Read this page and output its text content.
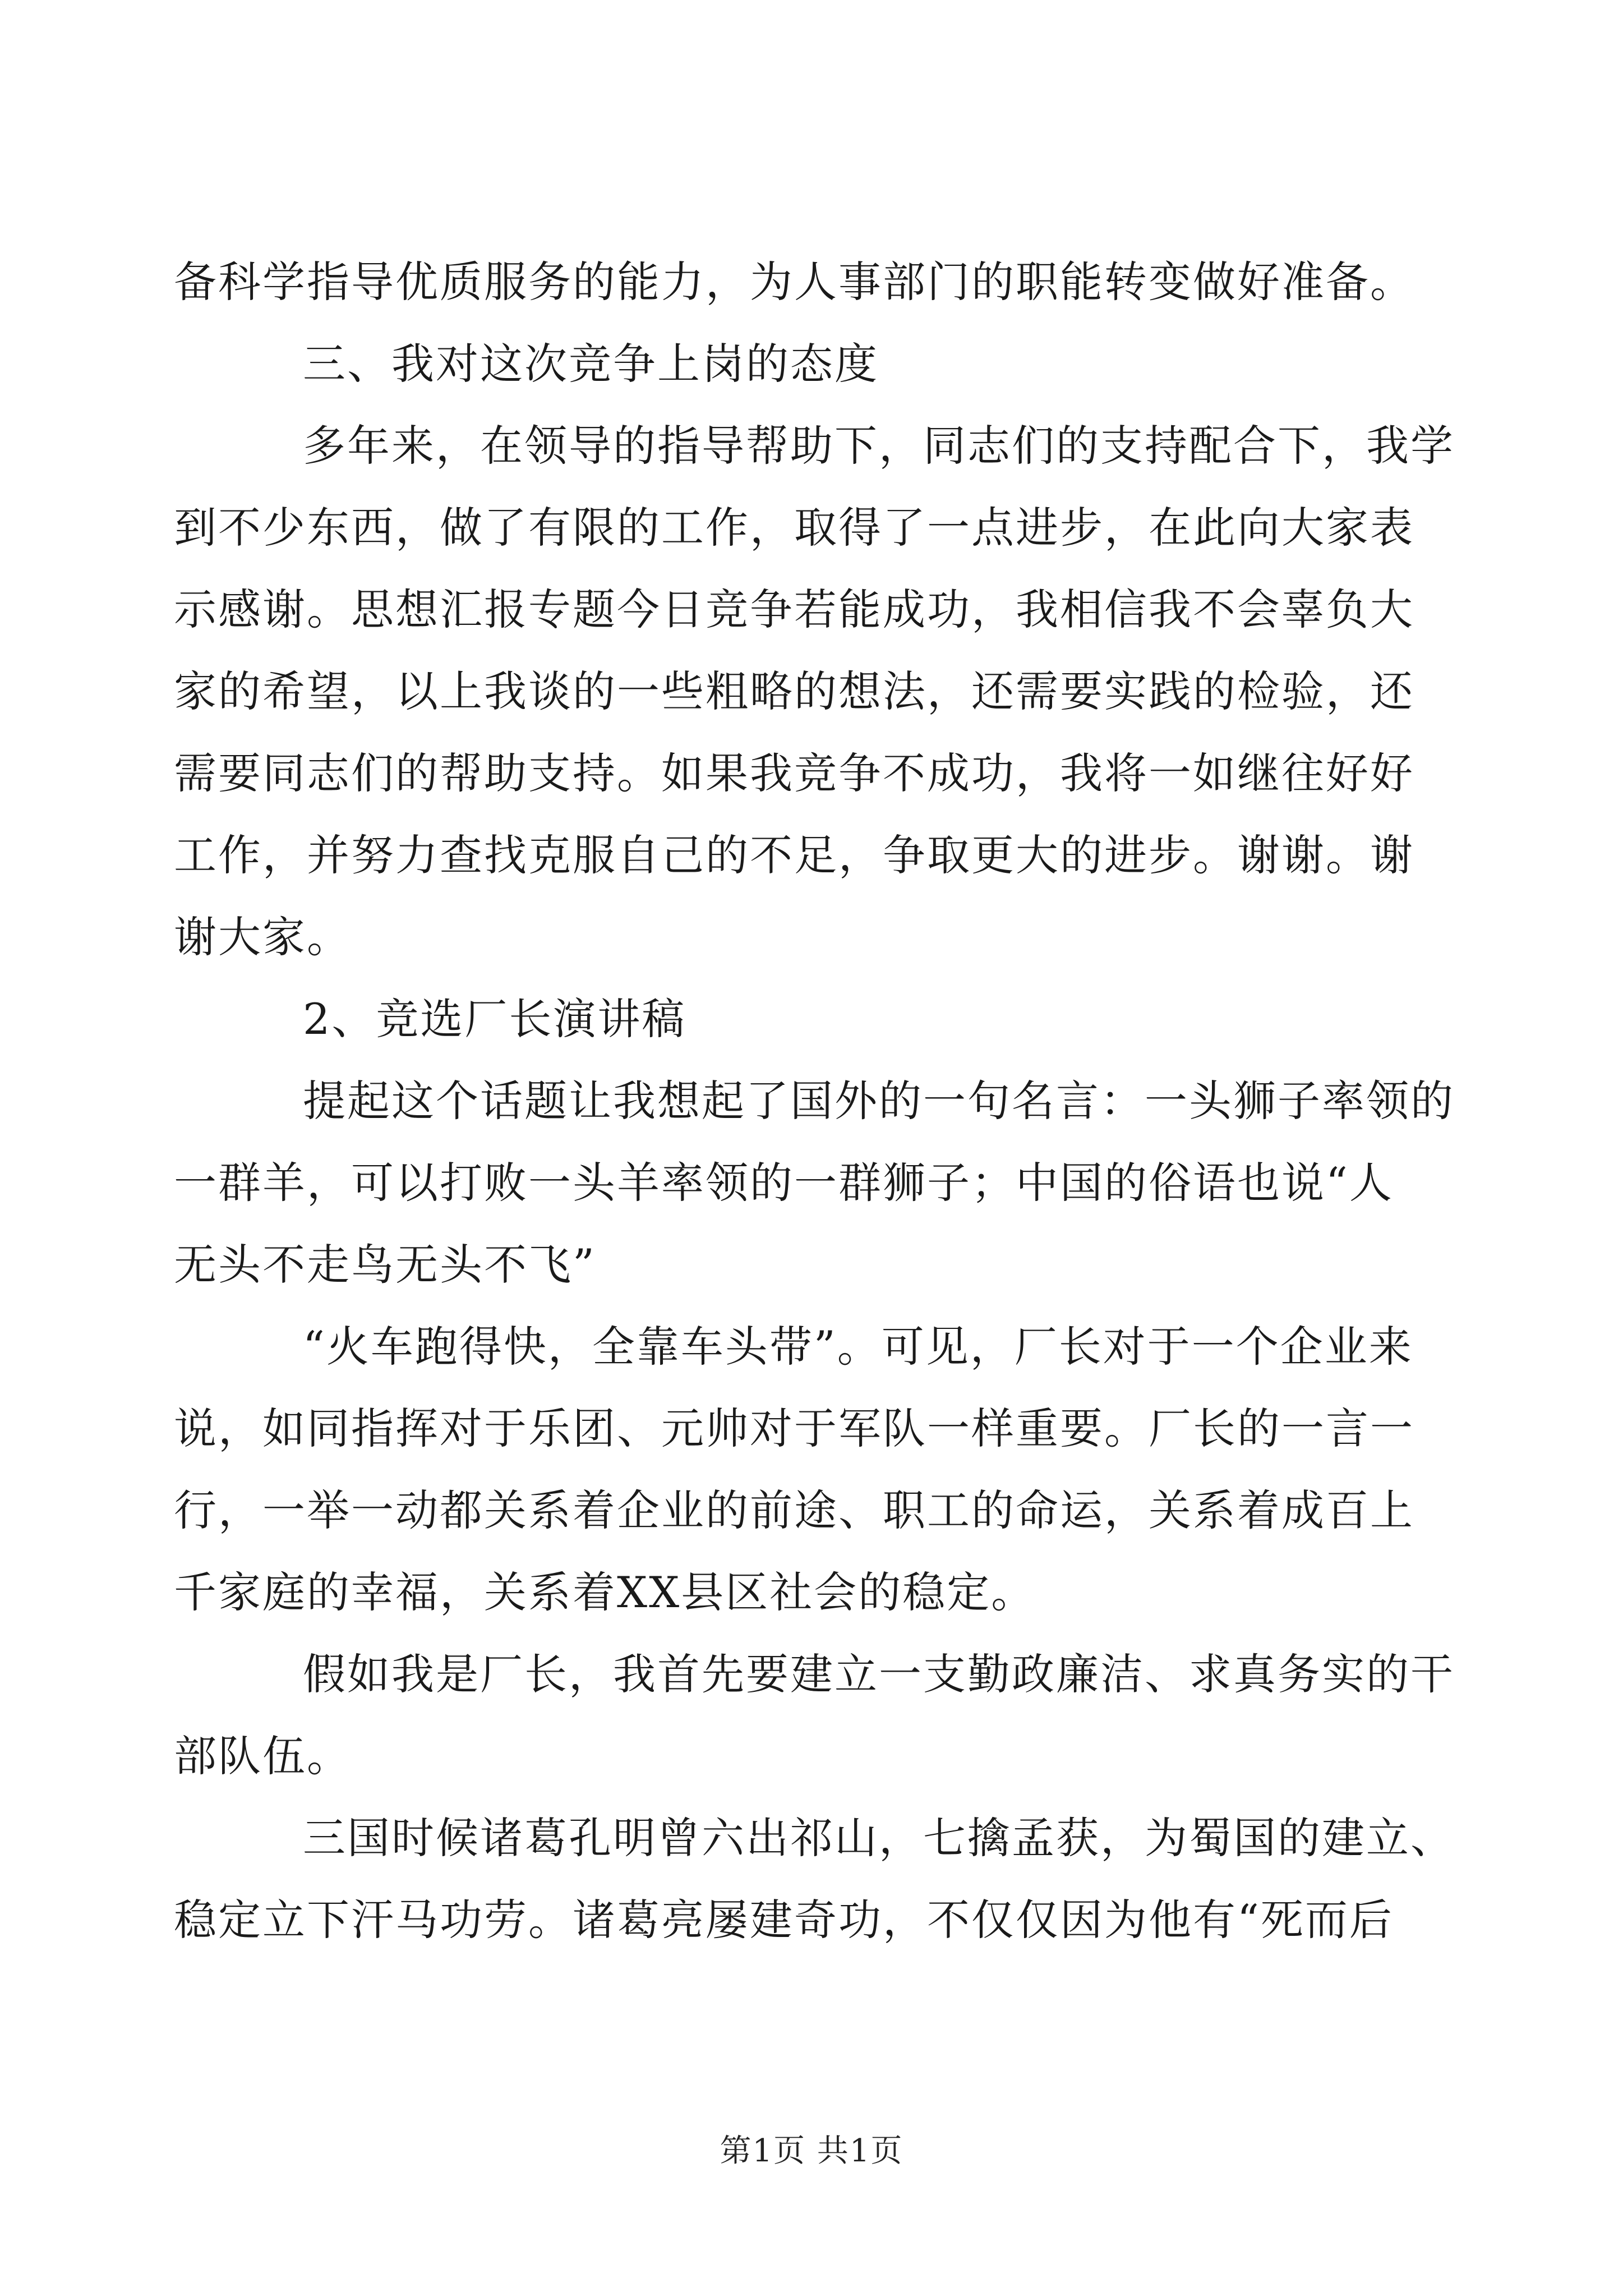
备科学指导优质服务的能力，为人事部门的职能转变做好准备。
三、我对这次竞争上岗的态度
多年来，在领导的指导帮助下，同志们的支持配合下，我学
到不少东西，做了有限的工作，取得了一点进步，在此向大家表
示感谢。思想汇报专题今日竞争若能成功，我相信我不会辜负大
家的希望，以上我谈的一些粗略的想法，还需要实践的检验，还
需要同志们的帮助支持。如果我竞争不成功，我将一如继往好好
工作，并努力查找克服自己的不足，争取更大的进步。谢谢。谢
谢大家。
2、竞选厂长演讲稿
提起这个话题让我想起了国外的一句名言：一头狮子率领的
一群羊，可以打败一头羊率领的一群狮子；中国的俗语也说“人
无头不走鸟无头不飞”
“火车跑得快，全靠车头带”。可见，厂长对于一个企业来
说，如同指挥对于乐团、元帅对于军队一样重要。厂长的一言一
行，一举一动都关系着企业的前途、职工的命运，关系着成百上
千家庭的幸福，关系着XX县区社会的稳定。
假如我是厂长，我首先要建立一支勤政廉洁、求真务实的干
部队伍。
三国时候诸葛孔明曾六出祁山，七擒孟获，为蜀国的建立、
稳定立下汗马功劳。诸葛亮屡建奇功，不仅仅因为他有“死而后
第1页 共1页
